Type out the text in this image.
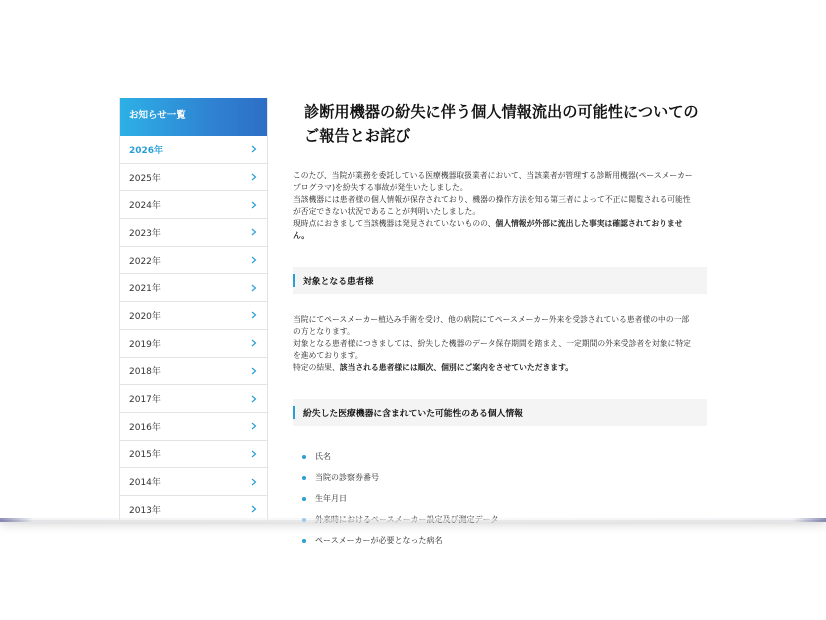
お知らせ一覧
2026年
2025年
2024年
2023年
2022年
2021年
2020年
2019年
2018年
2017年
2016年
2015年
2014年
2013年
診断用機器の紛失に伴う個人情報流出の可能性についての
ご報告とお詫び

このたび、当院が業務を委託している医療機器取扱業者において、当該業者が管理する診断用機器(ペースメーカー

プログラマ)を紛失する事故が発生いたしました。

当該機器には患者様の個人情報が保存されており、機器の操作方法を知る第三者によって不正に閲覧される可能性

が否定できない状況であることが判明いたしました。

現時点におきまして当該機器は発見されていないものの、個人情報が外部に流出した事実は確認されておりませ

ん。

対象となる患者様

当院にてペースメーカー植込み手術を受け、他の病院にてペースメーカー外来を受診されている患者様の中の一部

の方となります。

対象となる患者様につきましては、紛失した機器のデータ保存期間を踏まえ、一定期間の外来受診者を対象に特定

を進めております。

特定の結果、該当される患者様には順次、個別にご案内をさせていただきます。

紛失した医療機器に含まれていた可能性のある個人情報
氏名
当院の診察券番号
生年月日
ペースメーカーが必要となった病名
